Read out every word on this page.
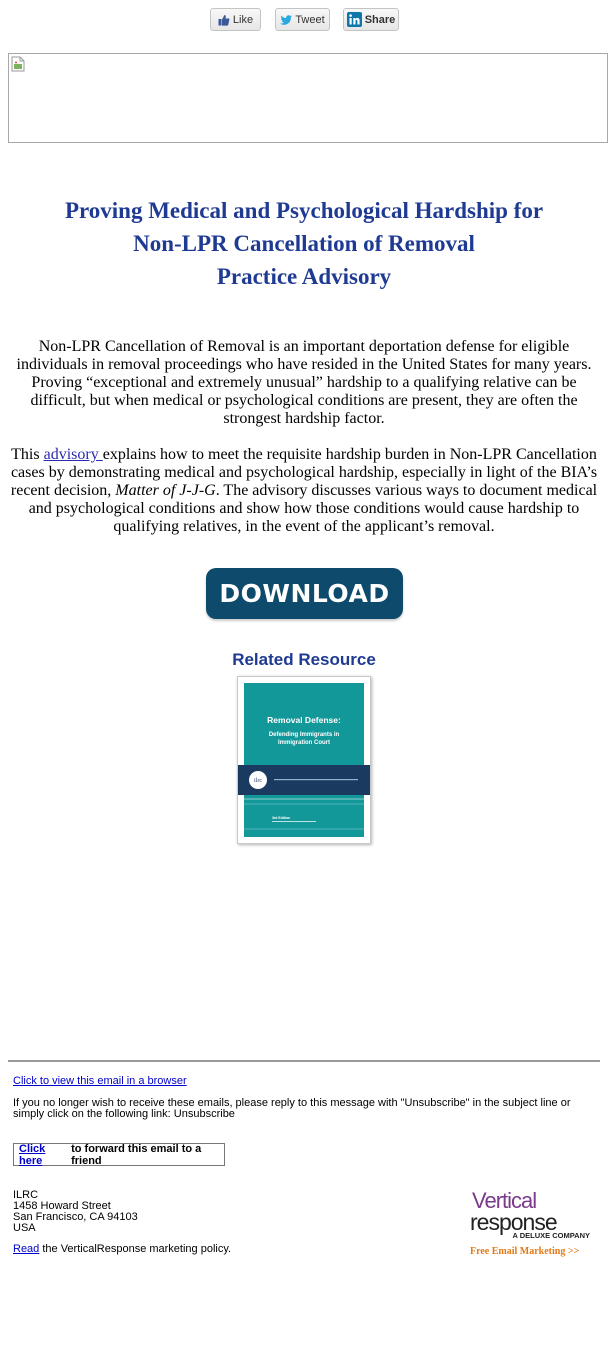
Like	Tweet	Share
Proving Medical and Psychological Hardship for
Non-LPR Cancellation of Removal
Practice Advisory
Non-LPR Cancellation of Removal is an important deportation defense for eligible individuals in removal proceedings who have resided in the United States for many years. Proving “exceptional and extremely unusual” hardship to a qualifying relative can be difficult, but when medical or psychological conditions are present, they are often the strongest hardship factor.
This advisory explains how to meet the requisite hardship burden in Non-LPR Cancellation cases by demonstrating medical and psychological hardship, especially in light of the BIA’s recent decision, Matter of J-J-G. The advisory discusses various ways to document medical and psychological conditions and show how those conditions would cause hardship to qualifying relatives, in the event of the applicant’s removal.
DOWNLOAD
Related Resource
Removal Defense:
Defending Immigrants in
Immigration Court
ilrc
3rd Edition
Click to view this email in a browser
If you no longer wish to receive these emails, please reply to this message with "Unsubscribe" in the subject line or simply click on the following link: Unsubscribe
Click here
to forward this email to a friend
ILRC
1458 Howard Street
San Francisco, CA 94103
USA
Read the VerticalResponse marketing policy.
Vertical
response
A DELUXE COMPANY
Free Email Marketing >>
